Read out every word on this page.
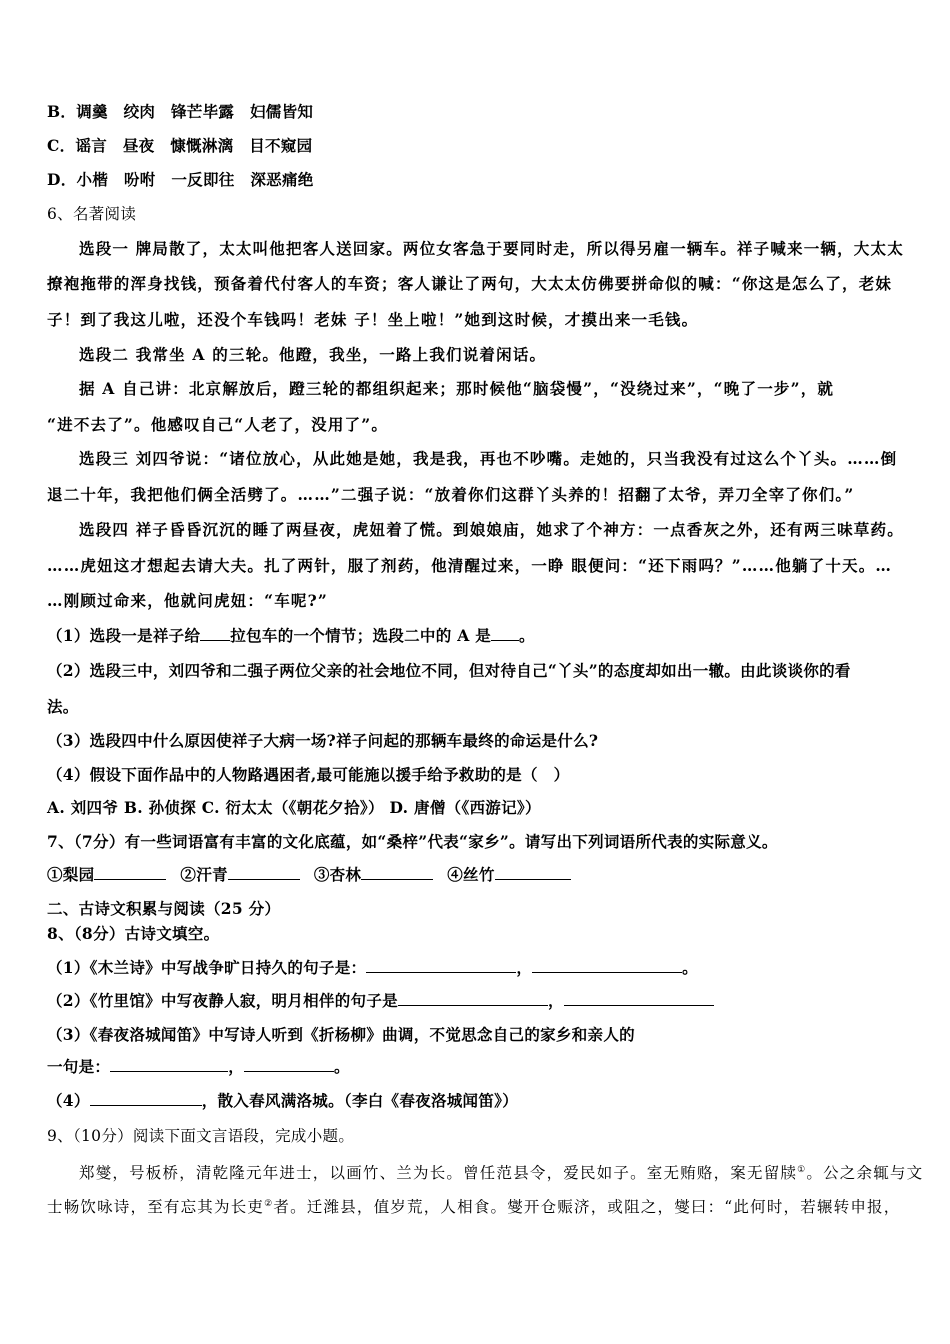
B．调羹　绞肉　锋芒毕露　妇儒皆知
C．谣言　昼夜　慷慨淋漓　目不窥园
D．小楷　吩咐　一反即往　深恶痛绝
6、名著阅读
选段一 牌局散了，太太叫他把客人送回家。两位女客急于要同时走，所以得另雇一辆车。祥子喊来一辆，大太太
撩袍拖带的浑身找钱，预备着代付客人的车资；客人谦让了两句，大太太仿佛要拼命似的喊：“你这是怎么了，老妹
子！到了我这儿啦，还没个车钱吗！老妹 子！坐上啦！”她到这时候，才摸出来一毛钱。
选段二 我常坐 A 的三轮。他蹬，我坐，一路上我们说着闲话。
据 A 自己讲：北京解放后，蹬三轮的都组织起来；那时候他“脑袋慢”，“没绕过来”，“晚了一步”，就
“进不去了”。他感叹自己“人老了，没用了”。
选段三 刘四爷说：“诸位放心，从此她是她，我是我，再也不吵嘴。走她的，只当我没有过这么个丫头。……倒
退二十年，我把他们俩全活劈了。……”二强子说：“放着你们这群丫头养的！招翻了太爷，弄刀全宰了你们。”
选段四 祥子昏昏沉沉的睡了两昼夜，虎妞着了慌。到娘娘庙，她求了个神方：一点香灰之外，还有两三味草药。
……虎妞这才想起去请大夫。扎了两针，服了剂药，他清醒过来，一睁 眼便问：“还下雨吗？”……他躺了十天。…
…刚顾过命来，他就问虎妞：“车呢?”
（1）选段一是祥子给 拉包车的一个情节；选段二中的 A 是 。
（2）选段三中，刘四爷和二强子两位父亲的社会地位不同，但对待自己“丫头”的态度却如出一辙。由此谈谈你的看
法。
（3）选段四中什么原因使祥子大病一场?祥子问起的那辆车最终的命运是什么?
（4）假设下面作品中的人物路遇困者,最可能施以援手给予救助的是（　）
A. 刘四爷 B. 孙侦探 C. 衍太太（《朝花夕拾》） D. 唐僧（《西游记》）
7、（7分）有一些词语富有丰富的文化底蕴，如“桑梓”代表“家乡”。请写出下列词语所代表的实际意义。
①梨园	②汗青	③杏林	④丝竹
二、古诗文积累与阅读（25 分）
8、（8分）古诗文填空。
（1）《木兰诗》中写战争旷日持久的句子是：	，	。
（2）《竹里馆》中写夜静人寂，明月相伴的句子是	，
（3）《春夜洛城闻笛》中写诗人听到《折杨柳》曲调，不觉思念自己的家乡和亲人的
一句是：	，	。
（4）	，散入春风满洛城。（李白《春夜洛城闻笛》）
9、（10分）阅读下面文言语段，完成小题。
郑燮，号板桥，清乾隆元年进士，以画竹、兰为长。曾任范县令，爱民如子。室无贿赂，案无留牍①。公之余辄与文
士畅饮咏诗，至有忘其为长吏②者。迁潍县，值岁荒，人相食。燮开仓赈济，或阻之，燮曰：“此何时，若辗转申报，
